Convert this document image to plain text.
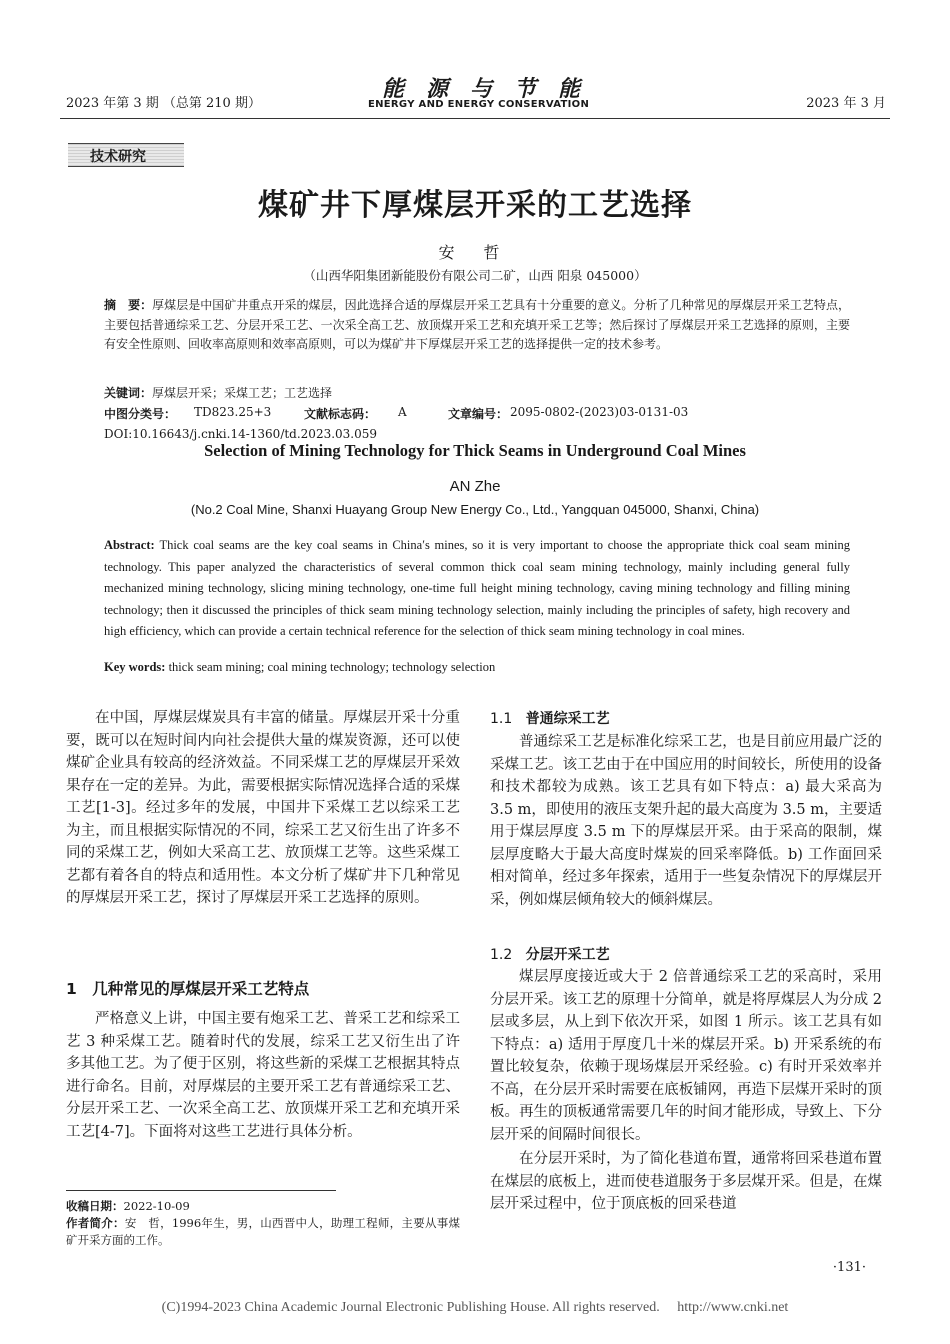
2023 年第 3 期 （总第 210 期）
能源与节能
ENERGY AND ENERGY CONSERVATION	2023 年 3 月
技术研究
煤矿井下厚煤层开采的工艺选择
安 哲
（山西华阳集团新能股份有限公司二矿，山西 阳泉 045000）
摘　要：厚煤层是中国矿井重点开采的煤层，因此选择合适的厚煤层开采工艺具有十分重要的意义。分析了几种常见的厚煤层开采工艺特点，主要包括普通综采工艺、分层开采工艺、一次采全高工艺、放顶煤开采工艺和充填开采工艺等；然后探讨了厚煤层开采工艺选择的原则，主要有安全性原则、回收率高原则和效率高原则，可以为煤矿井下厚煤层开采工艺的选择提供一定的技术参考。
关键词：厚煤层开采；采煤工艺；工艺选择
中图分类号： TD823.25+3	文献标志码： A	文章编号： 2095-0802-(2023)03-0131-03
DOI:10.16643/j.cnki.14-1360/td.2023.03.059
Selection of Mining Technology for Thick Seams in Underground Coal Mines
AN Zhe
(No.2 Coal Mine, Shanxi Huayang Group New Energy Co., Ltd., Yangquan 045000, Shanxi, China)
Abstract: Thick coal seams are the key coal seams in China′s mines, so it is very important to choose the appropriate thick coal seam mining technology. This paper analyzed the characteristics of several common thick coal seam mining technology, mainly including general fully mechanized mining technology, slicing mining technology, one-time full height mining technology, caving mining technology and filling mining technology; then it discussed the principles of thick seam mining technology selection, mainly including the principles of safety, high recovery and high efficiency, which can provide a certain technical reference for the selection of thick seam mining technology in coal mines.
Key words: thick seam mining; coal mining technology; technology selection

在中国，厚煤层煤炭具有丰富的储量。厚煤层开采十分重要，既可以在短时间内向社会提供大量的煤炭资源，还可以使煤矿企业具有较高的经济效益。不同采煤工艺的厚煤层开采效果存在一定的差异。为此，需要根据实际情况选择合适的采煤工艺[1-3]。经过多年的发展，中国井下采煤工艺以综采工艺为主，而且根据实际情况的不同，综采工艺又衍生出了许多不同的采煤工艺，例如大采高工艺、放顶煤工艺等。这些采煤工艺都有着各自的特点和适用性。本文分析了煤矿井下几种常见的厚煤层开采工艺，探讨了厚煤层开采工艺选择的原则。

1　几种常见的厚煤层开采工艺特点

严格意义上讲，中国主要有炮采工艺、普采工艺和综采工艺 3 种采煤工艺。随着时代的发展，综采工艺又衍生出了许多其他工艺。为了便于区别，将这些新的采煤工艺根据其特点进行命名。目前，对厚煤层的主要开采工艺有普通综采工艺、分层开采工艺、一次采全高工艺、放顶煤开采工艺和充填开采工艺[4-7]。下面将对这些工艺进行具体分析。

收稿日期：2022-10-09
作者简介：安　哲，1996年生，男，山西晋中人，助理工程师，主要从事煤矿开采方面的工作。
1.1 普通综采工艺

普通综采工艺是标准化综采工艺，也是目前应用最广泛的采煤工艺。该工艺由于在中国应用的时间较长，所使用的设备和技术都较为成熟。该工艺具有如下特点：a) 最大采高为 3.5 m，即使用的液压支架升起的最大高度为 3.5 m，主要适用于煤层厚度 3.5 m 下的厚煤层开采。由于采高的限制，煤层厚度略大于最大高度时煤炭的回采率降低。b) 工作面回采相对简单，经过多年探索，适用于一些复杂情况下的厚煤层开采，例如煤层倾角较大的倾斜煤层。

1.2 分层开采工艺

煤层厚度接近或大于 2 倍普通综采工艺的采高时，采用分层开采。该工艺的原理十分简单，就是将厚煤层人为分成 2 层或多层，从上到下依次开采，如图 1 所示。该工艺具有如下特点：a) 适用于厚度几十米的煤层开采。b) 开采系统的布置比较复杂，依赖于现场煤层开采经验。c) 有时开采效率并不高，在分层开采时需要在底板铺网，再造下层煤开采时的顶板。再生的顶板通常需要几年的时间才能形成，导致上、下分层开采的间隔时间很长。

在分层开采时，为了简化巷道布置，通常将回采巷道布置在煤层的底板上，进而使巷道服务于多层煤开采。但是，在煤层开采过程中，位于顶底板的回采巷道

·131·
(C)1994-2023 China Academic Journal Electronic Publishing House. All rights reserved.　 http://www.cnki.net
